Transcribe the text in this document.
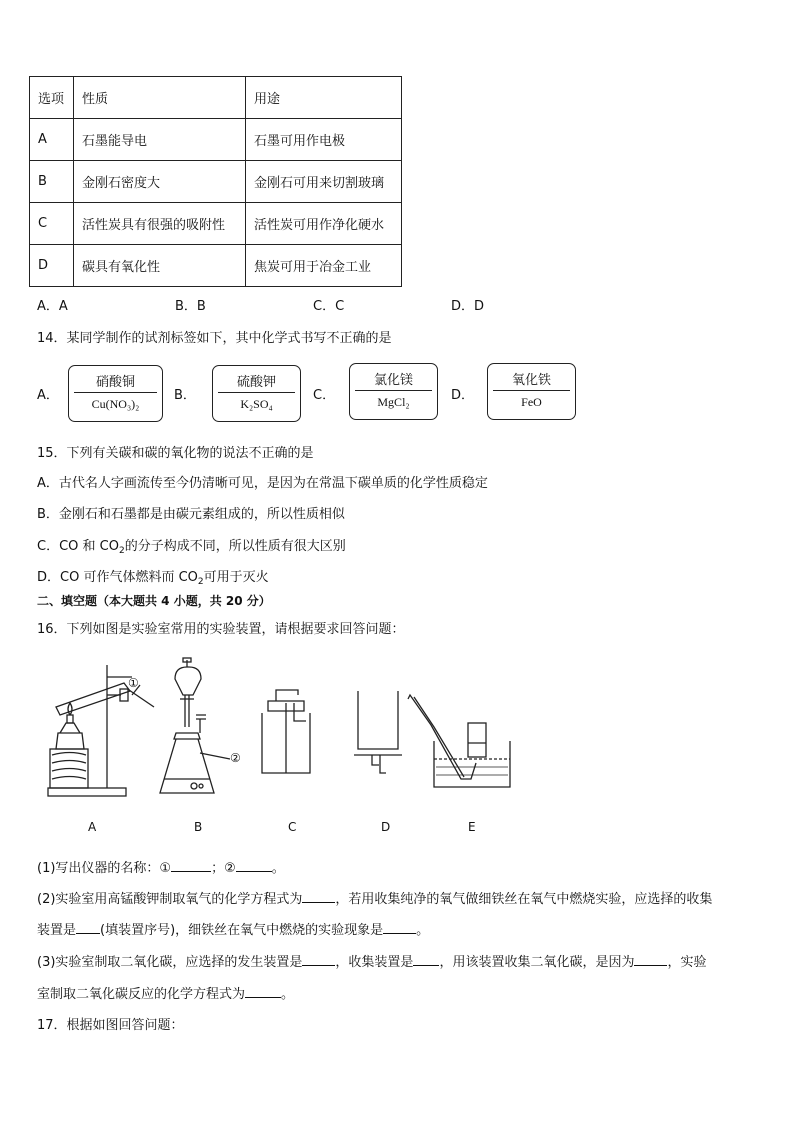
选项	性质	用途
A	石墨能导电	石墨可用作电极
B	金刚石密度大	金刚石可用来切割玻璃
C	活性炭具有很强的吸附性	活性炭可用作净化硬水
D	碳具有氧化性	焦炭可用于冶金工业
A．A	B．B	C．C	D．D
14．某同学制作的试剂标签如下，其中化学式书写不正确的是
A．
硝酸铜
Cu(NO₃)₂
B．
硫酸钾
K₂SO₄
C．
氯化镁
MgCl₂	D．
氧化铁
FeO
15．下列有关碳和碳的氧化物的说法不正确的是
A．古代名人字画流传至今仍清晰可见，是因为在常温下碳单质的化学性质稳定
B．金刚石和石墨都是由碳元素组成的，所以性质相似
C．CO 和 $CO_2$的分子构成不同，所以性质有很大区别
D．CO 可作气体燃料而 $CO_2$可用于灭火
二、填空题（本大题共 4 小题，共 20 分）
16．下列如图是实验室常用的实验装置，请根据要求回答问题：
①
②
A	B	C	D	E
(1)写出仪器的名称：①	；②	。
(2)实验室用高锰酸钾制取氧气的化学方程式为	，若用收集纯净的氧气做细铁丝在氧气中燃烧实验，应选择的收集
装置是 (填装置序号)，细铁丝在氧气中燃烧的实验现象是	。
(3)实验室制取二氧化碳，应选择的发生装置是	，收集装置是 ，用该装置收集二氧化碳，是因为	，实验
室制取二氧化碳反应的化学方程式为	。
17．根据如图回答问题：
